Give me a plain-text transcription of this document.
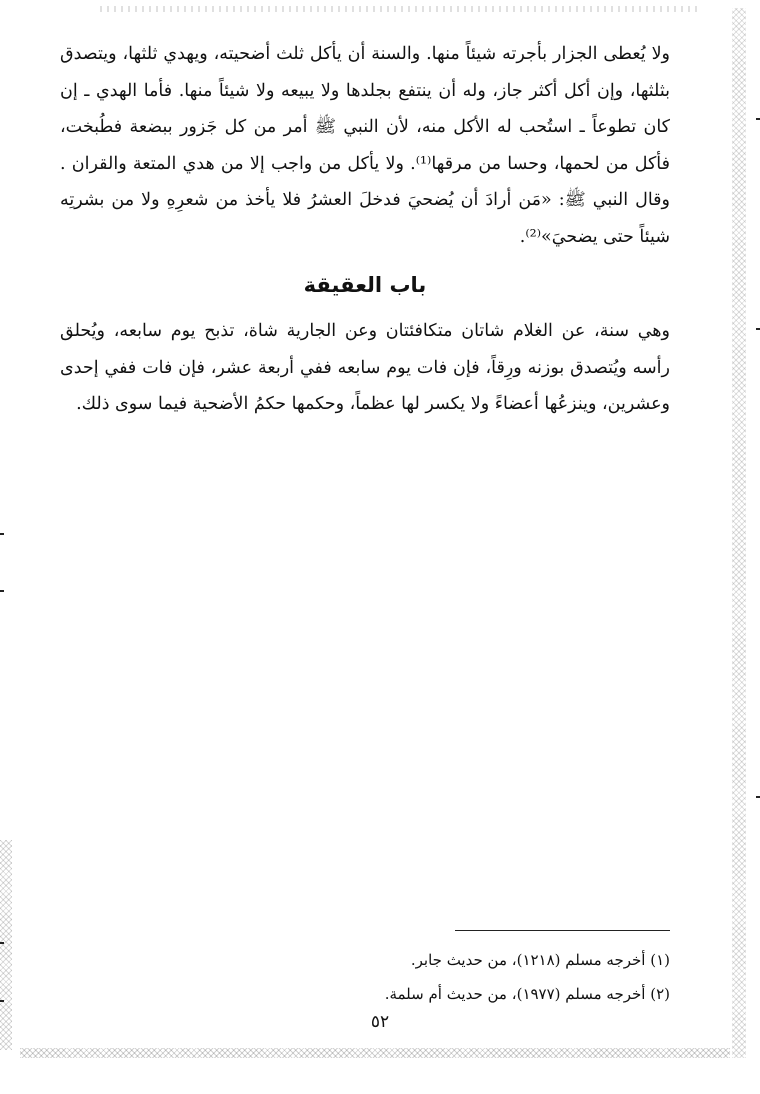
ولا يُعطى الجزار بأجرته شيئاً منها. والسنة أن يأكل ثلث أضحيته، ويهدي ثلثها، ويتصدق بثلثها، وإن أكل أكثر جاز، وله أن ينتفع بجلدها ولا يبيعه ولا شيئاً منها. فأما الهدي ـ إن كان تطوعاً ـ استُحب له الأكل منه، لأن النبي ﷺ أمر من كل جَزور ببضعة فطُبخت، فأكل من لحمها، وحسا من مرقها⁽¹⁾. ولا يأكل من واجب إلا من هدي المتعة والقران . وقال النبي ﷺ: «مَن أرادَ أن يُضحيَ فدخلَ العشرُ فلا يأخذ من شعرِهِ ولا من بشرتِه شيئاً حتى يضحيَ»⁽²⁾.

باب العقيقة

وهي سنة، عن الغلام شاتان متكافئتان وعن الجارية شاة، تذبح يوم سابعه، ويُحلق رأسه ويُتصدق بوزنه ورِقاً، فإن فات يوم سابعه ففي أربعة عشر، فإن فات ففي إحدى وعشرين، وينزعُها أعضاءً ولا يكسر لها عظماً، وحكمها حكمُ الأضحية فيما سوى ذلك.

(١) أخرجه مسلم (١٢١٨)، من حديث جابر.

(٢) أخرجه مسلم (١٩٧٧)، من حديث أم سلمة.

٥٢
